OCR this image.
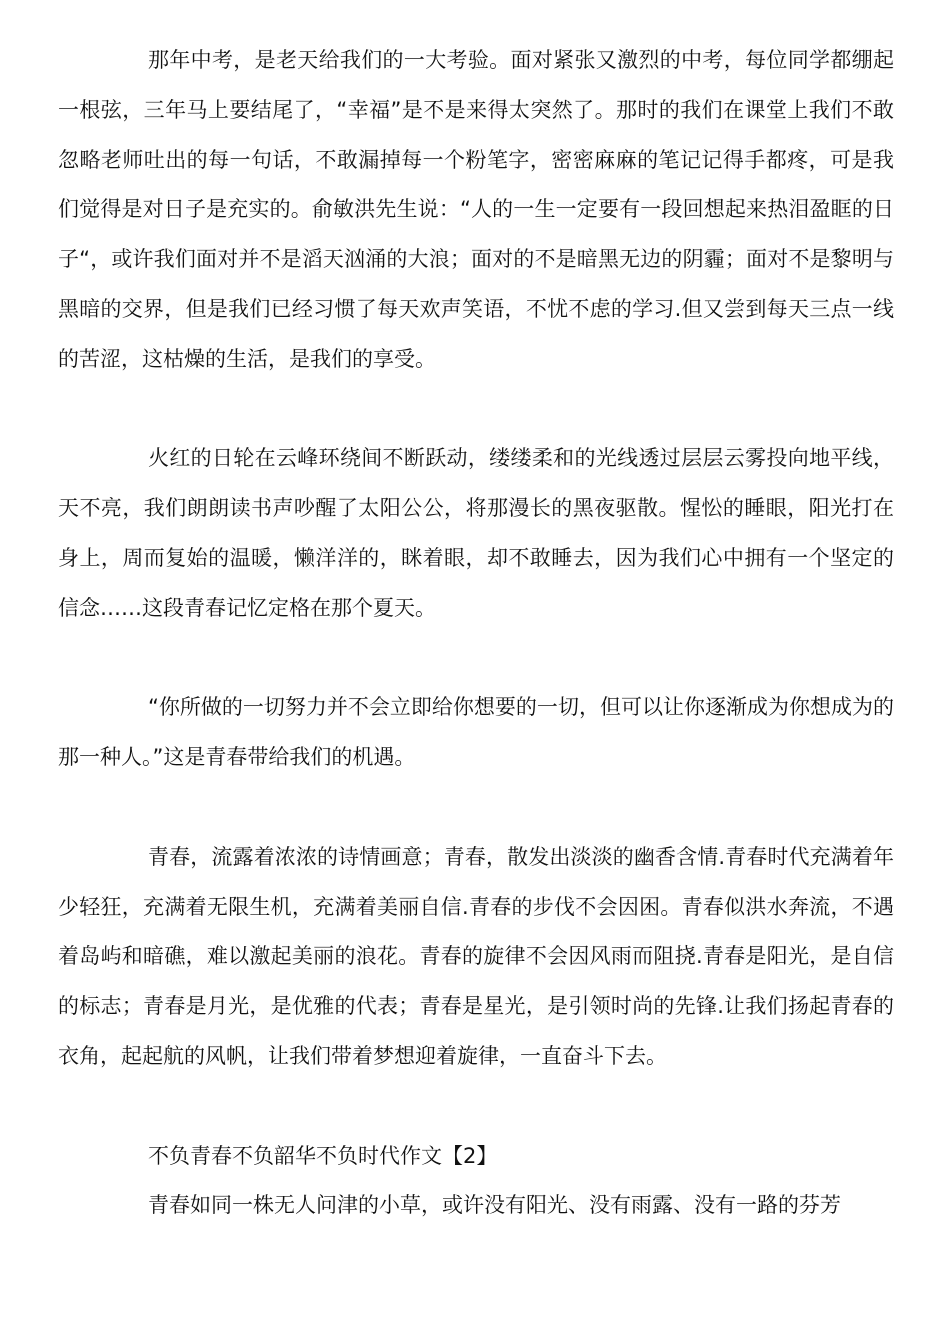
那年中考，是老天给我们的一大考验。面对紧张又激烈的中考，每位同学都绷起一根弦，三年马上要结尾了，“幸福”是不是来得太突然了。那时的我们在课堂上我们不敢忽略老师吐出的每一句话，不敢漏掉每一个粉笔字，密密麻麻的笔记记得手都疼，可是我们觉得是对日子是充实的。俞敏洪先生说：“人的一生一定要有一段回想起来热泪盈眶的日子“，或许我们面对并不是滔天汹涌的大浪；面对的不是暗黑无边的阴霾；面对不是黎明与黑暗的交界，但是我们已经习惯了每天欢声笑语，不忧不虑的学习.但又尝到每天三点一线的苦涩，这枯燥的生活，是我们的享受。

火红的日轮在云峰环绕间不断跃动，缕缕柔和的光线透过层层云雾投向地平线，天不亮，我们朗朗读书声吵醒了太阳公公，将那漫长的黑夜驱散。惺忪的睡眼，阳光打在身上，周而复始的温暖，懒洋洋的，眯着眼，却不敢睡去，因为我们心中拥有一个坚定的信念……这段青春记忆定格在那个夏天。

“你所做的一切努力并不会立即给你想要的一切，但可以让你逐渐成为你想成为的那一种人。”这是青春带给我们的机遇。

青春，流露着浓浓的诗情画意；青春，散发出淡淡的幽香含情.青春时代充满着年少轻狂，充满着无限生机，充满着美丽自信.青春的步伐不会因困。青春似洪水奔流，不遇着岛屿和暗礁，难以激起美丽的浪花。青春的旋律不会因风雨而阻挠.青春是阳光，是自信的标志；青春是月光，是优雅的代表；青春是星光，是引领时尚的先锋.让我们扬起青春的衣角，起起航的风帆，让我们带着梦想迎着旋律，一直奋斗下去。

不负青春不负韶华不负时代作文【2】

青春如同一株无人问津的小草，或许没有阳光、没有雨露、没有一路的芬芳
